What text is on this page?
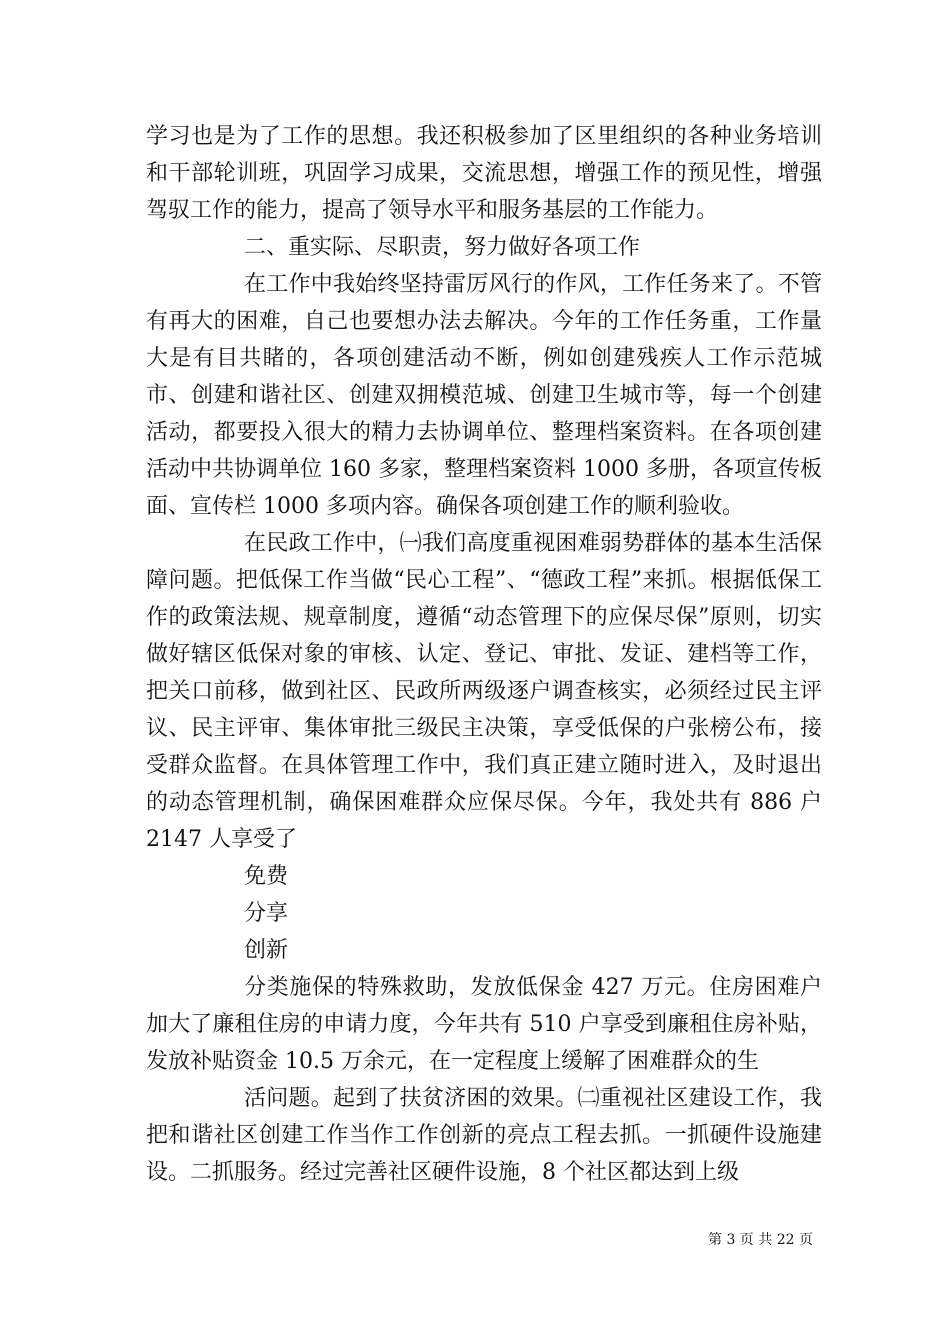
学习也是为了工作的思想。我还积极参加了区里组织的各种业务培训和干部轮训班，巩固学习成果，交流思想，增强工作的预见性，增强驾驭工作的能力，提高了领导水平和服务基层的工作能力。

二、重实际、尽职责，努力做好各项工作

在工作中我始终坚持雷厉风行的作风，工作任务来了。不管有再大的困难，自己也要想办法去解决。今年的工作任务重，工作量大是有目共睹的，各项创建活动不断，例如创建残疾人工作示范城市、创建和谐社区、创建双拥模范城、创建卫生城市等，每一个创建活动，都要投入很大的精力去协调单位、整理档案资料。在各项创建活动中共协调单位 160 多家，整理档案资料 1000 多册，各项宣传板面、宣传栏 1000 多项内容。确保各项创建工作的顺利验收。

在民政工作中，㈠我们高度重视困难弱势群体的基本生活保障问题。把低保工作当做“民心工程”、“德政工程”来抓。根据低保工作的政策法规、规章制度，遵循“动态管理下的应保尽保”原则，切实做好辖区低保对象的审核、认定、登记、审批、发证、建档等工作，把关口前移，做到社区、民政所两级逐户调查核实，必须经过民主评议、民主评审、集体审批三级民主决策，享受低保的户张榜公布，接受群众监督。在具体管理工作中，我们真正建立随时进入，及时退出的动态管理机制，确保困难群众应保尽保。今年，我处共有 886 户 2147 人享受了

免费

分享

创新

分类施保的特殊救助，发放低保金 427 万元。住房困难户加大了廉租住房的申请力度，今年共有 510 户享受到廉租住房补贴，发放补贴资金 10.5 万余元，在一定程度上缓解了困难群众的生

活问题。起到了扶贫济困的效果。㈡重视社区建设工作，我把和谐社区创建工作当作工作创新的亮点工程去抓。一抓硬件设施建设。二抓服务。经过完善社区硬件设施，8 个社区都达到上级

第 3 页 共 22 页
